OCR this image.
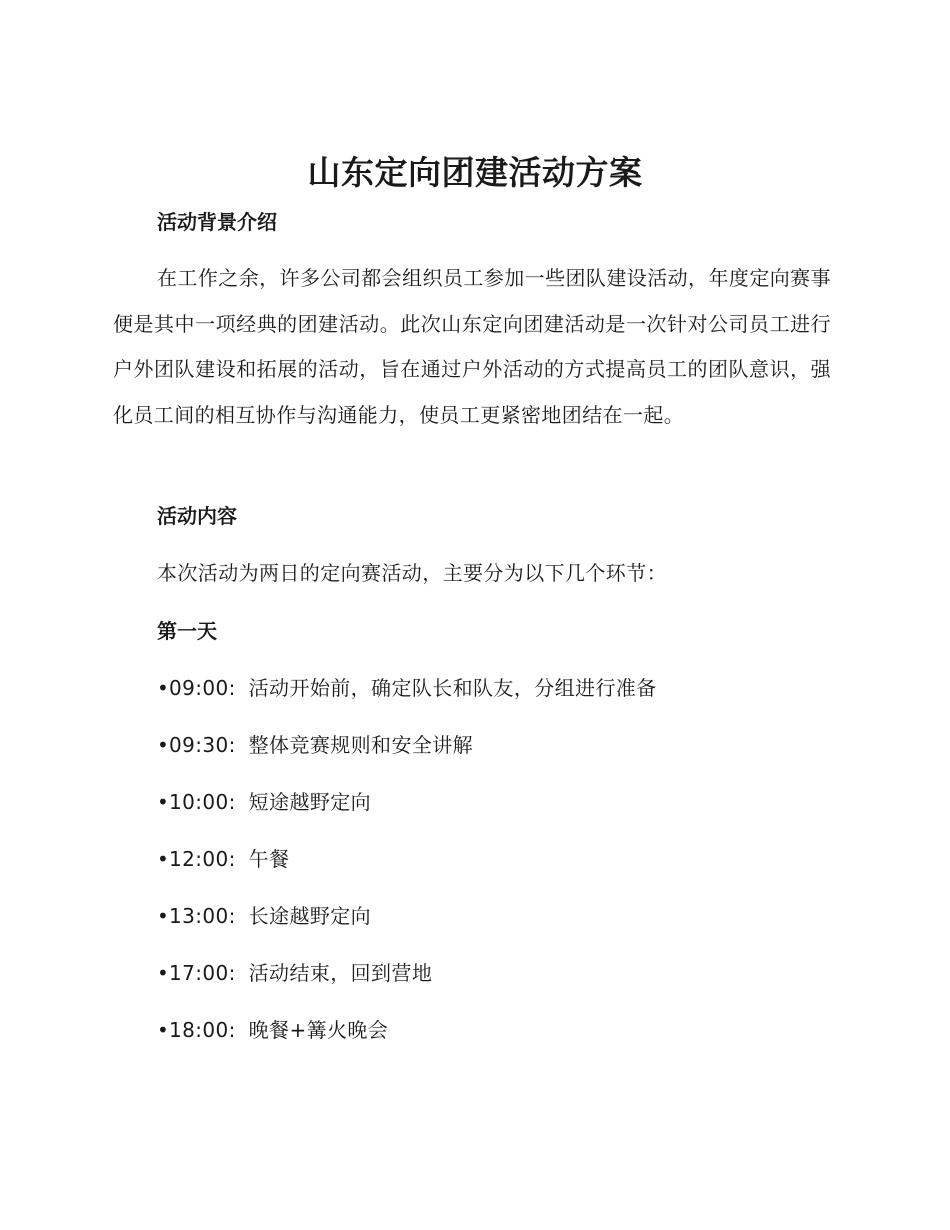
山东定向团建活动方案
活动背景介绍
在工作之余，许多公司都会组织员工参加一些团队建设活动，年度定向赛事便是其中一项经典的团建活动。此次山东定向团建活动是一次针对公司员工进行户外团队建设和拓展的活动，旨在通过户外活动的方式提高员工的团队意识，强化员工间的相互协作与沟通能力，使员工更紧密地团结在一起。
活动内容
本次活动为两日的定向赛活动，主要分为以下几个环节：
第一天
•09:00: 活动开始前，确定队长和队友，分组进行准备
•09:30: 整体竞赛规则和安全讲解
•10:00: 短途越野定向
•12:00: 午餐
•13:00: 长途越野定向
•17:00: 活动结束，回到营地
•18:00: 晚餐+篝火晚会
